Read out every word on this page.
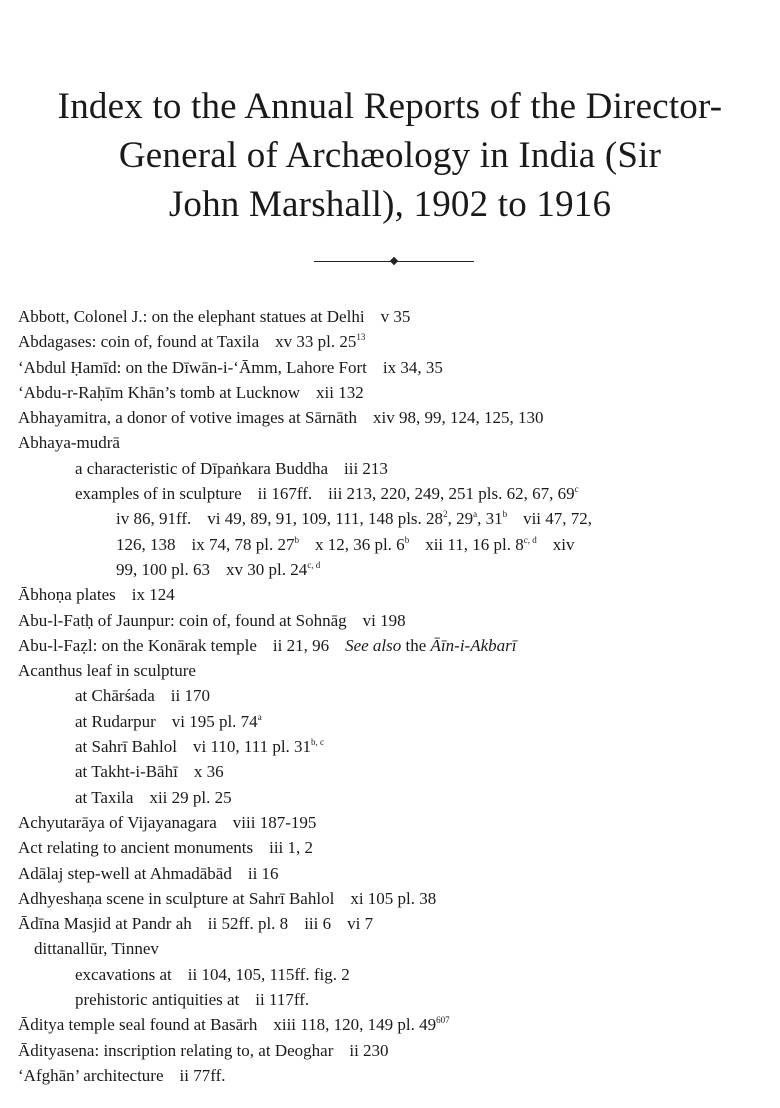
Index to the Annual Reports of the Director-
General of Archæology in India (Sir
John Marshall), 1902 to 1916
Abbott, Colonel J.: on the elephant statues at Delhi v 35
Abdagases: coin of, found at Taxila xv 33 pl. $25^{13}$
‘Abdul Ḥamīd: on the Dīwān-i-‘Āmm, Lahore Fort ix 34, 35
‘Abdu-r-Raḥīm Khān’s tomb at Lucknow xii 132
Abhayamitra, a donor of votive images at Sārnāth xiv 98, 99, 124, 125, 130
Abhaya-mudrā
a characteristic of Dīpaṅkara Buddha iii 213
examples of in sculpture ii 167ff. iii 213, 220, 249, 251 pls. 62, 67, 69$^c$
iv 86, 91ff. vi 49, 89, 91, 109, 111, 148 pls. $28^2$, 29$^a$, 31$^b$ vii 47, 72,
126, 138 ix 74, 78 pl. 27$^b$ x 12, 36 pl. 6$^b$ xii 11, 16 pl. 8$^{c, d}$ xiv
99, 100 pl. 63 xv 30 pl. 24$^{c, d}$
Ābhoṇa plates ix 124
Abu-l-Fatḥ of Jaunpur: coin of, found at Sohnāg vi 198
Abu-l-Faẓl: on the Konārak temple ii 21, 96 See also the Āīn-i-Akbarī
Acanthus leaf in sculpture
at Chārśada ii 170
at Rudarpur vi 195 pl. 74$^a$
at Sahrī Bahlol vi 110, 111 pl. 31$^{b, c}$
at Takht-i-Bāhī x 36
at Taxila xii 29 pl. 25
Achyutarāya of Vijayanagara viii 187-195
Act relating to ancient monuments iii 1, 2
Adālaj step-well at Ahmadābād ii 16
Adhyeshaṇa scene in sculpture at Sahrī Bahlol xi 105 pl. 38
Ādīna Masjid at Pandr ah ii 52ff. pl. 8 iii 6 vi 7
dittanallūr, Tinnev
excavations at ii 104, 105, 115ff. fig. 2
prehistoric antiquities at ii 117ff.
Āditya temple seal found at Basārh xiii 118, 120, 149 pl. $49^{607}$
Ādityasena: inscription relating to, at Deoghar ii 230
‘Afghān’ architecture ii 77ff.
